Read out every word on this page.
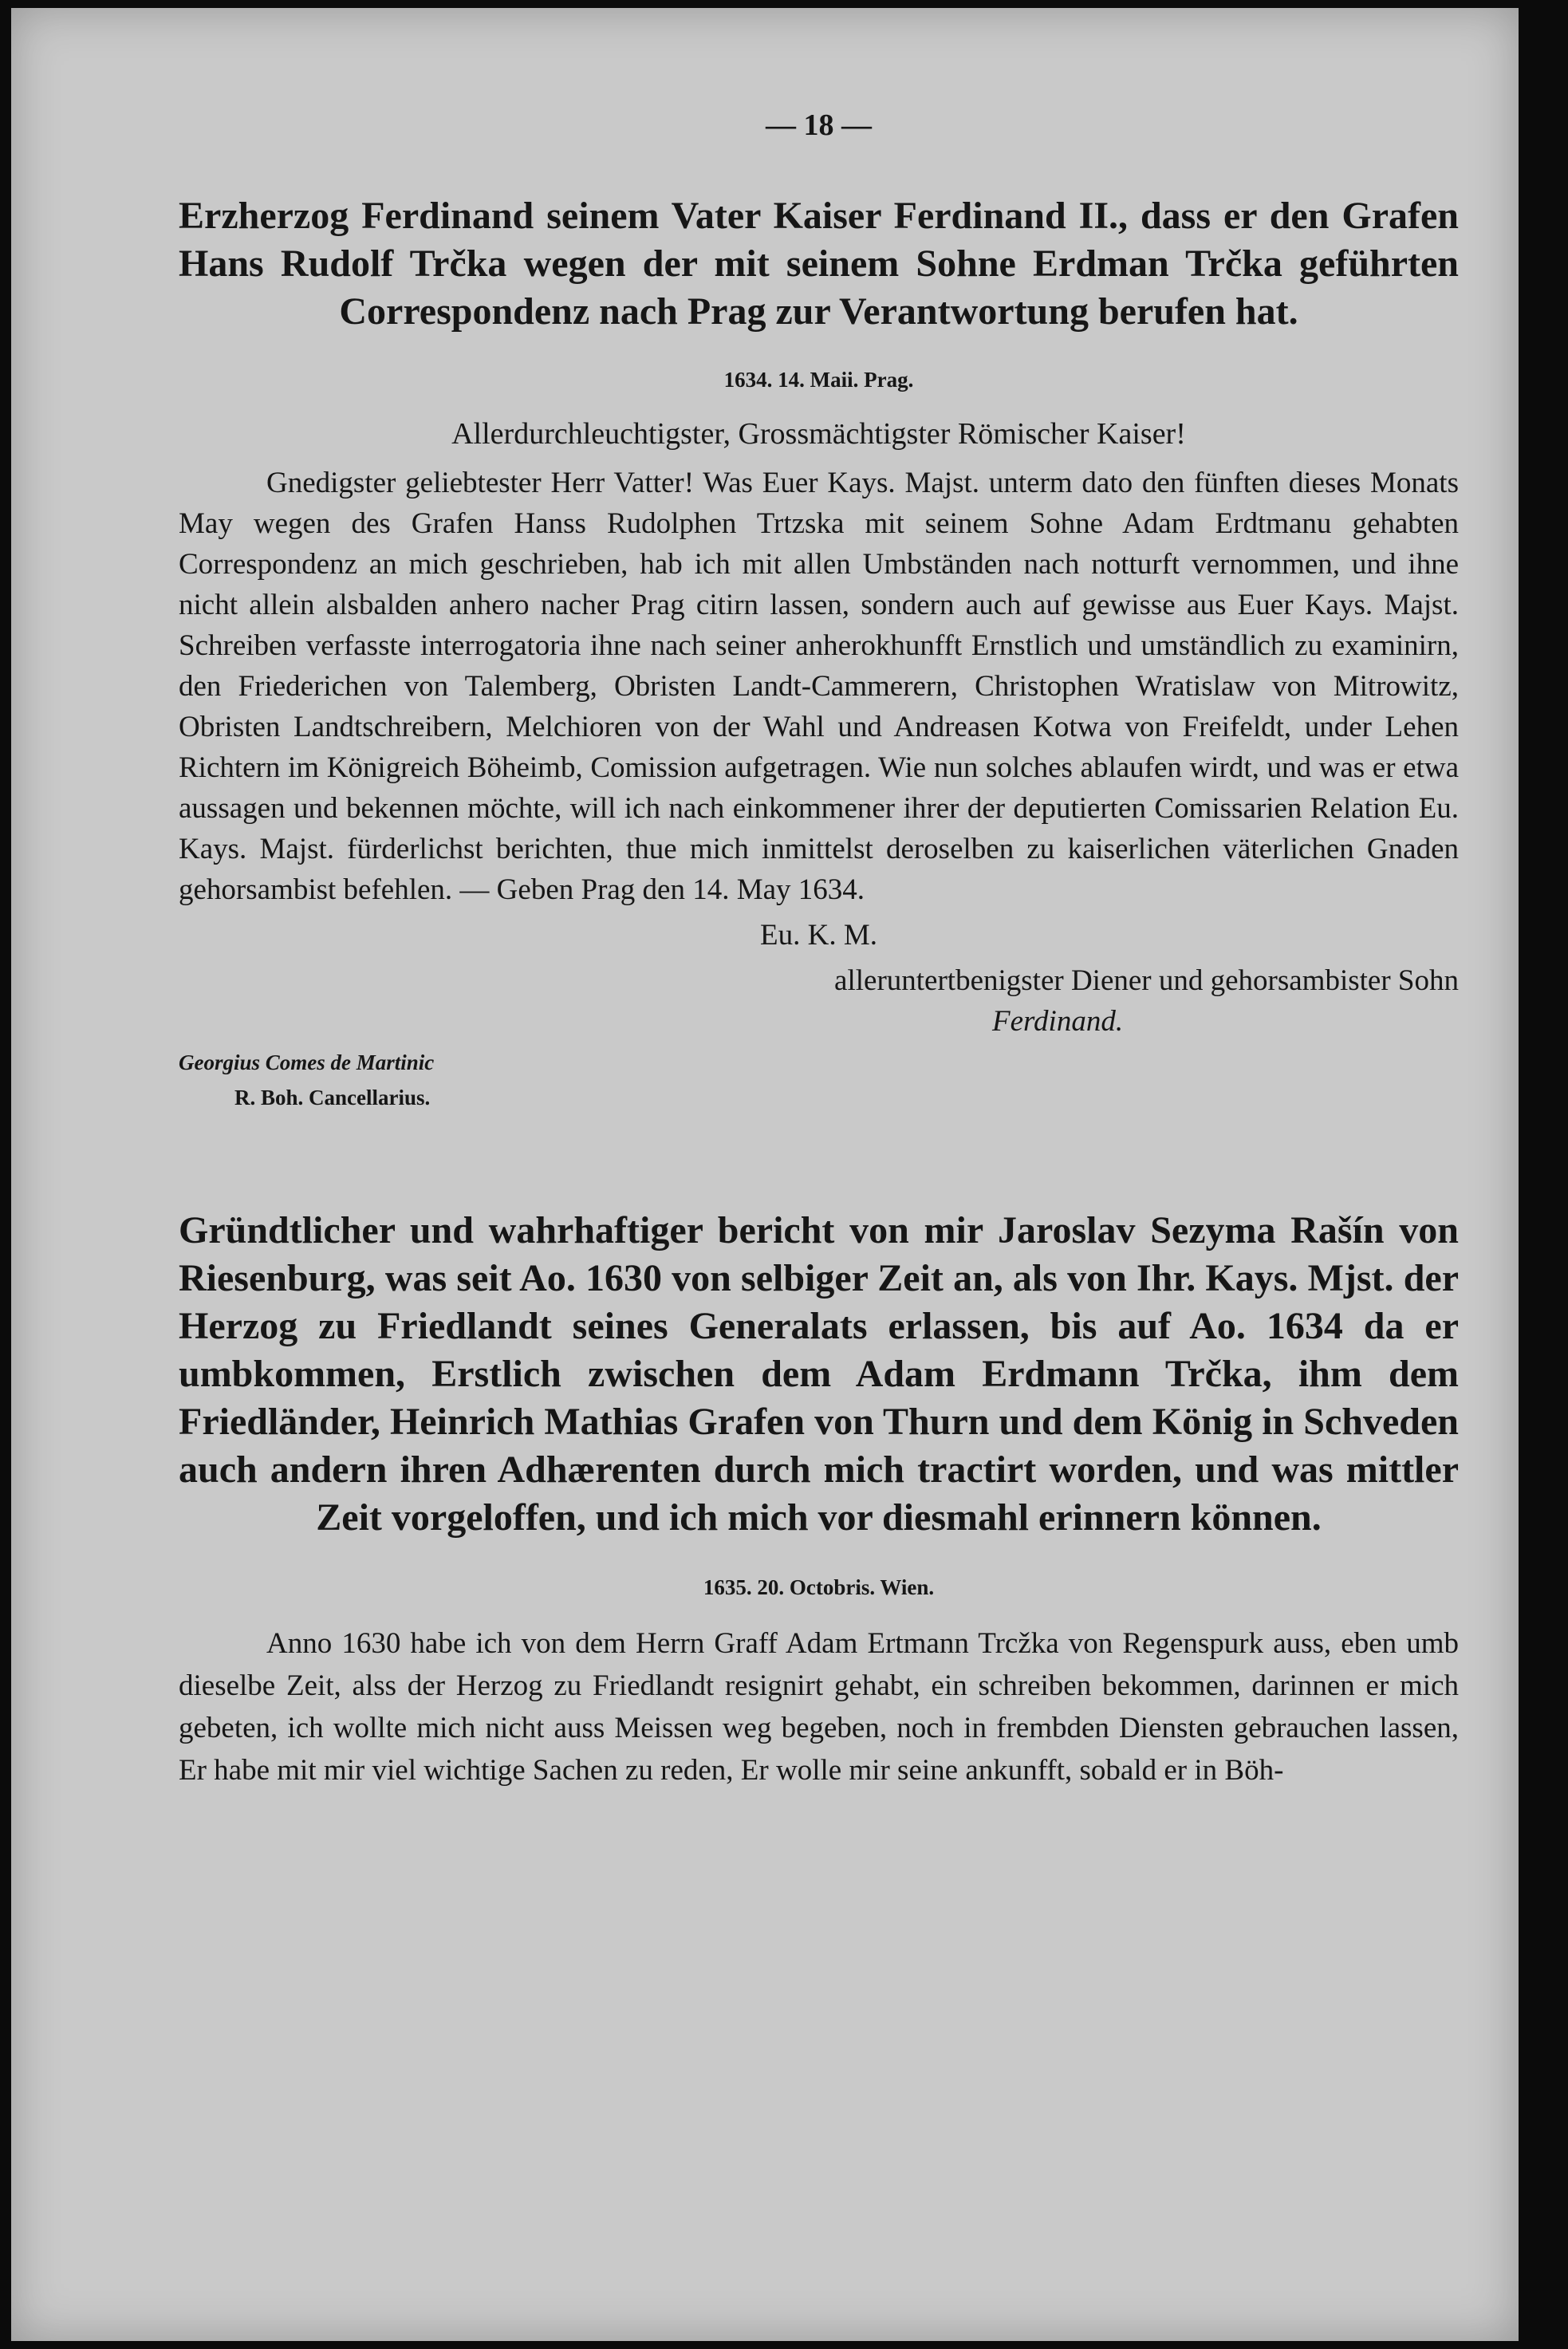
— 18 —

Erzherzog Ferdinand seinem Vater Kaiser Ferdinand II., dass er den Grafen Hans Rudolf Trčka wegen der mit seinem Sohne Erdman Trčka geführten Correspondenz nach Prag zur Verantwortung berufen hat.

1634. 14. Maii. Prag.
Allerdurchleuchtigster, Grossmächtigster Römischer Kaiser!

Gnedigster geliebtester Herr Vatter! Was Euer Kays. Majst. unterm dato den fünften dieses Monats May wegen des Grafen Hanss Rudolphen Trtzska mit seinem Sohne Adam Erdtmanu gehabten Correspondenz an mich geschrieben, hab ich mit allen Umbständen nach notturft vernommen, und ihne nicht allein alsbalden anhero nacher Prag citirn lassen, sondern auch auf gewisse aus Euer Kays. Majst. Schreiben verfasste interrogatoria ihne nach seiner anherokhunfft Ernstlich und umständlich zu examinirn, den Friederichen von Talemberg, Obristen Landt-Cammerern, Christophen Wratislaw von Mitrowitz, Obristen Landtschreibern, Melchioren von der Wahl und Andreasen Kotwa von Freifeldt, under Lehen Richtern im Königreich Böheimb, Comission aufgetragen. Wie nun solches ablaufen wirdt, und was er etwa aussagen und bekennen möchte, will ich nach einkommener ihrer der deputierten Comissarien Relation Eu. Kays. Majst. fürderlichst berichten, thue mich inmittelst deroselben zu kaiserlichen väterlichen Gnaden gehorsambist befehlen. — Geben Prag den 14. May 1634.

Eu. K. M.
alleruntertbenigster Diener und gehorsambister Sohn
Ferdinand.
Georgius Comes de Martinic
R. Boh. Cancellarius.

Gründtlicher und wahrhaftiger bericht von mir Jaroslav Sezyma Rašín von Riesenburg, was seit Ao. 1630 von selbiger Zeit an, als von Ihr. Kays. Mjst. der Herzog zu Friedlandt seines Generalats erlassen, bis auf Ao. 1634 da er umbkommen, Erstlich zwischen dem Adam Erdmann Trčka, ihm dem Friedländer, Heinrich Mathias Grafen von Thurn und dem König in Schveden auch andern ihren Adhærenten durch mich tractirt worden, und was mittler Zeit vorgeloffen, und ich mich vor diesmahl erinnern können.

1635. 20. Octobris. Wien.

Anno 1630 habe ich von dem Herrn Graff Adam Ertmann Trcžka von Regenspurk auss, eben umb dieselbe Zeit, alss der Herzog zu Friedlandt resignirt gehabt, ein schreiben bekommen, darinnen er mich gebeten, ich wollte mich nicht auss Meissen weg begeben, noch in frembden Diensten gebrauchen lassen, Er habe mit mir viel wichtige Sachen zu reden, Er wolle mir seine ankunfft, sobald er in Böh-
